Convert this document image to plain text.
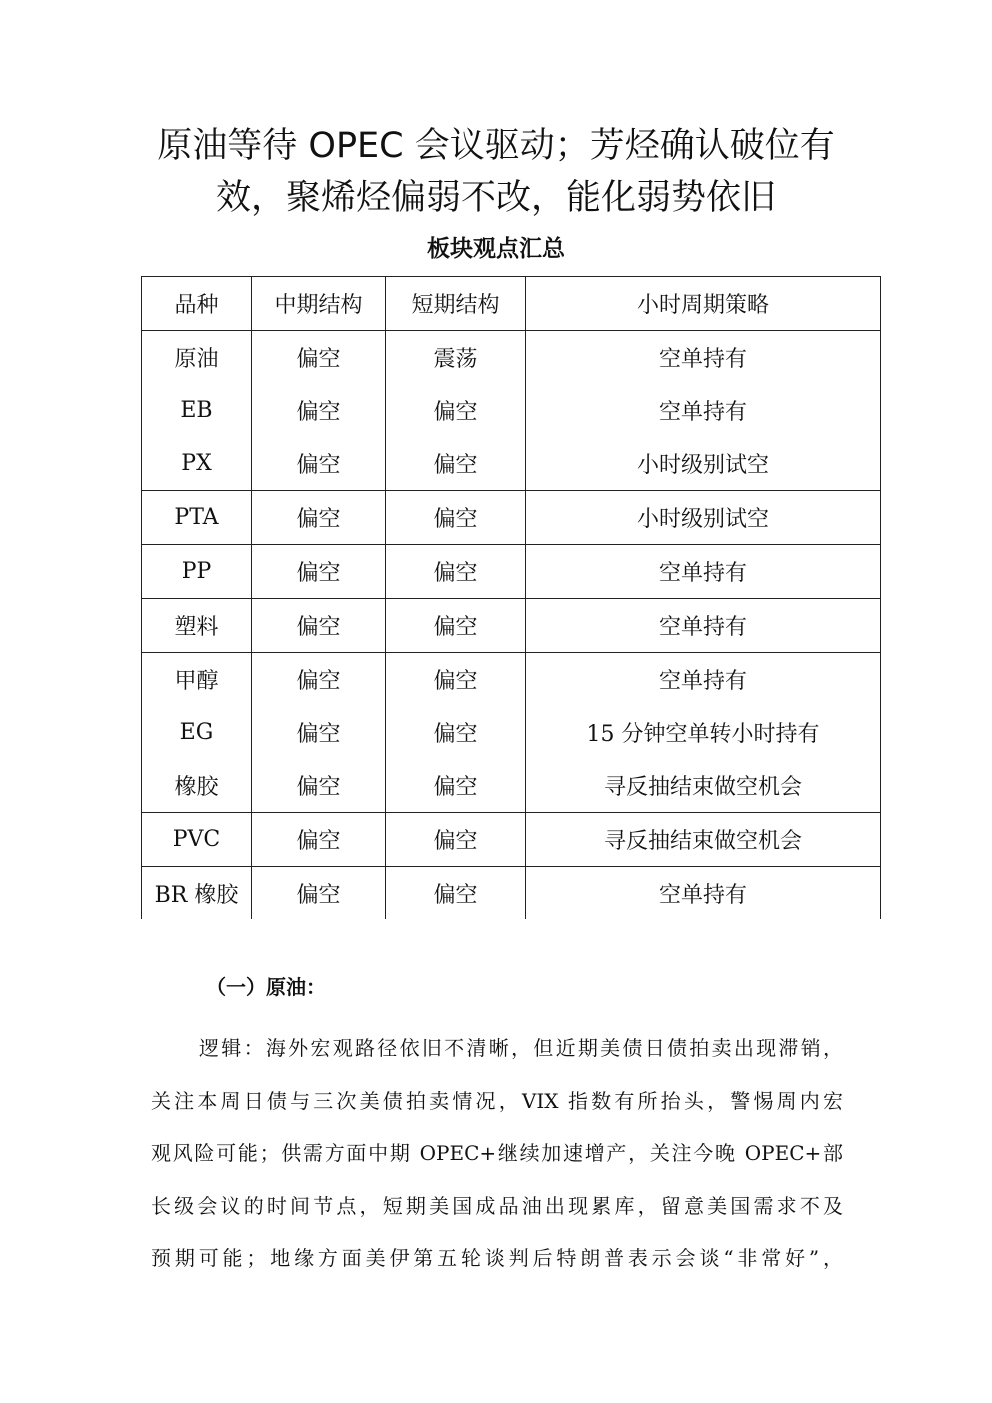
原油等待 OPEC 会议驱动；芳烃确认破位有
效，聚烯烃偏弱不改，能化弱势依旧
板块观点汇总
品种	中期结构	短期结构	小时周期策略
原油	偏空	震荡	空单持有
EB	偏空	偏空	空单持有
PX	偏空	偏空	小时级别试空
PTA	偏空	偏空	小时级别试空
PP	偏空	偏空	空单持有
塑料	偏空	偏空	空单持有
甲醇	偏空	偏空	空单持有
EG	偏空	偏空	15 分钟空单转小时持有
橡胶	偏空	偏空	寻反抽结束做空机会
PVC	偏空	偏空	寻反抽结束做空机会
BR 橡胶	偏空	偏空	空单持有
（一）原油：

逻辑：海外宏观路径依旧不清晰，但近期美债日债拍卖出现滞销，
关注本周日债与三次美债拍卖情况，VIX 指数有所抬头，警惕周内宏
观风险可能；供需方面中期 OPEC+继续加速增产，关注今晚 OPEC+部
长级会议的时间节点，短期美国成品油出现累库，留意美国需求不及
预期可能；地缘方面美伊第五轮谈判后特朗普表示会谈“非常好”，
